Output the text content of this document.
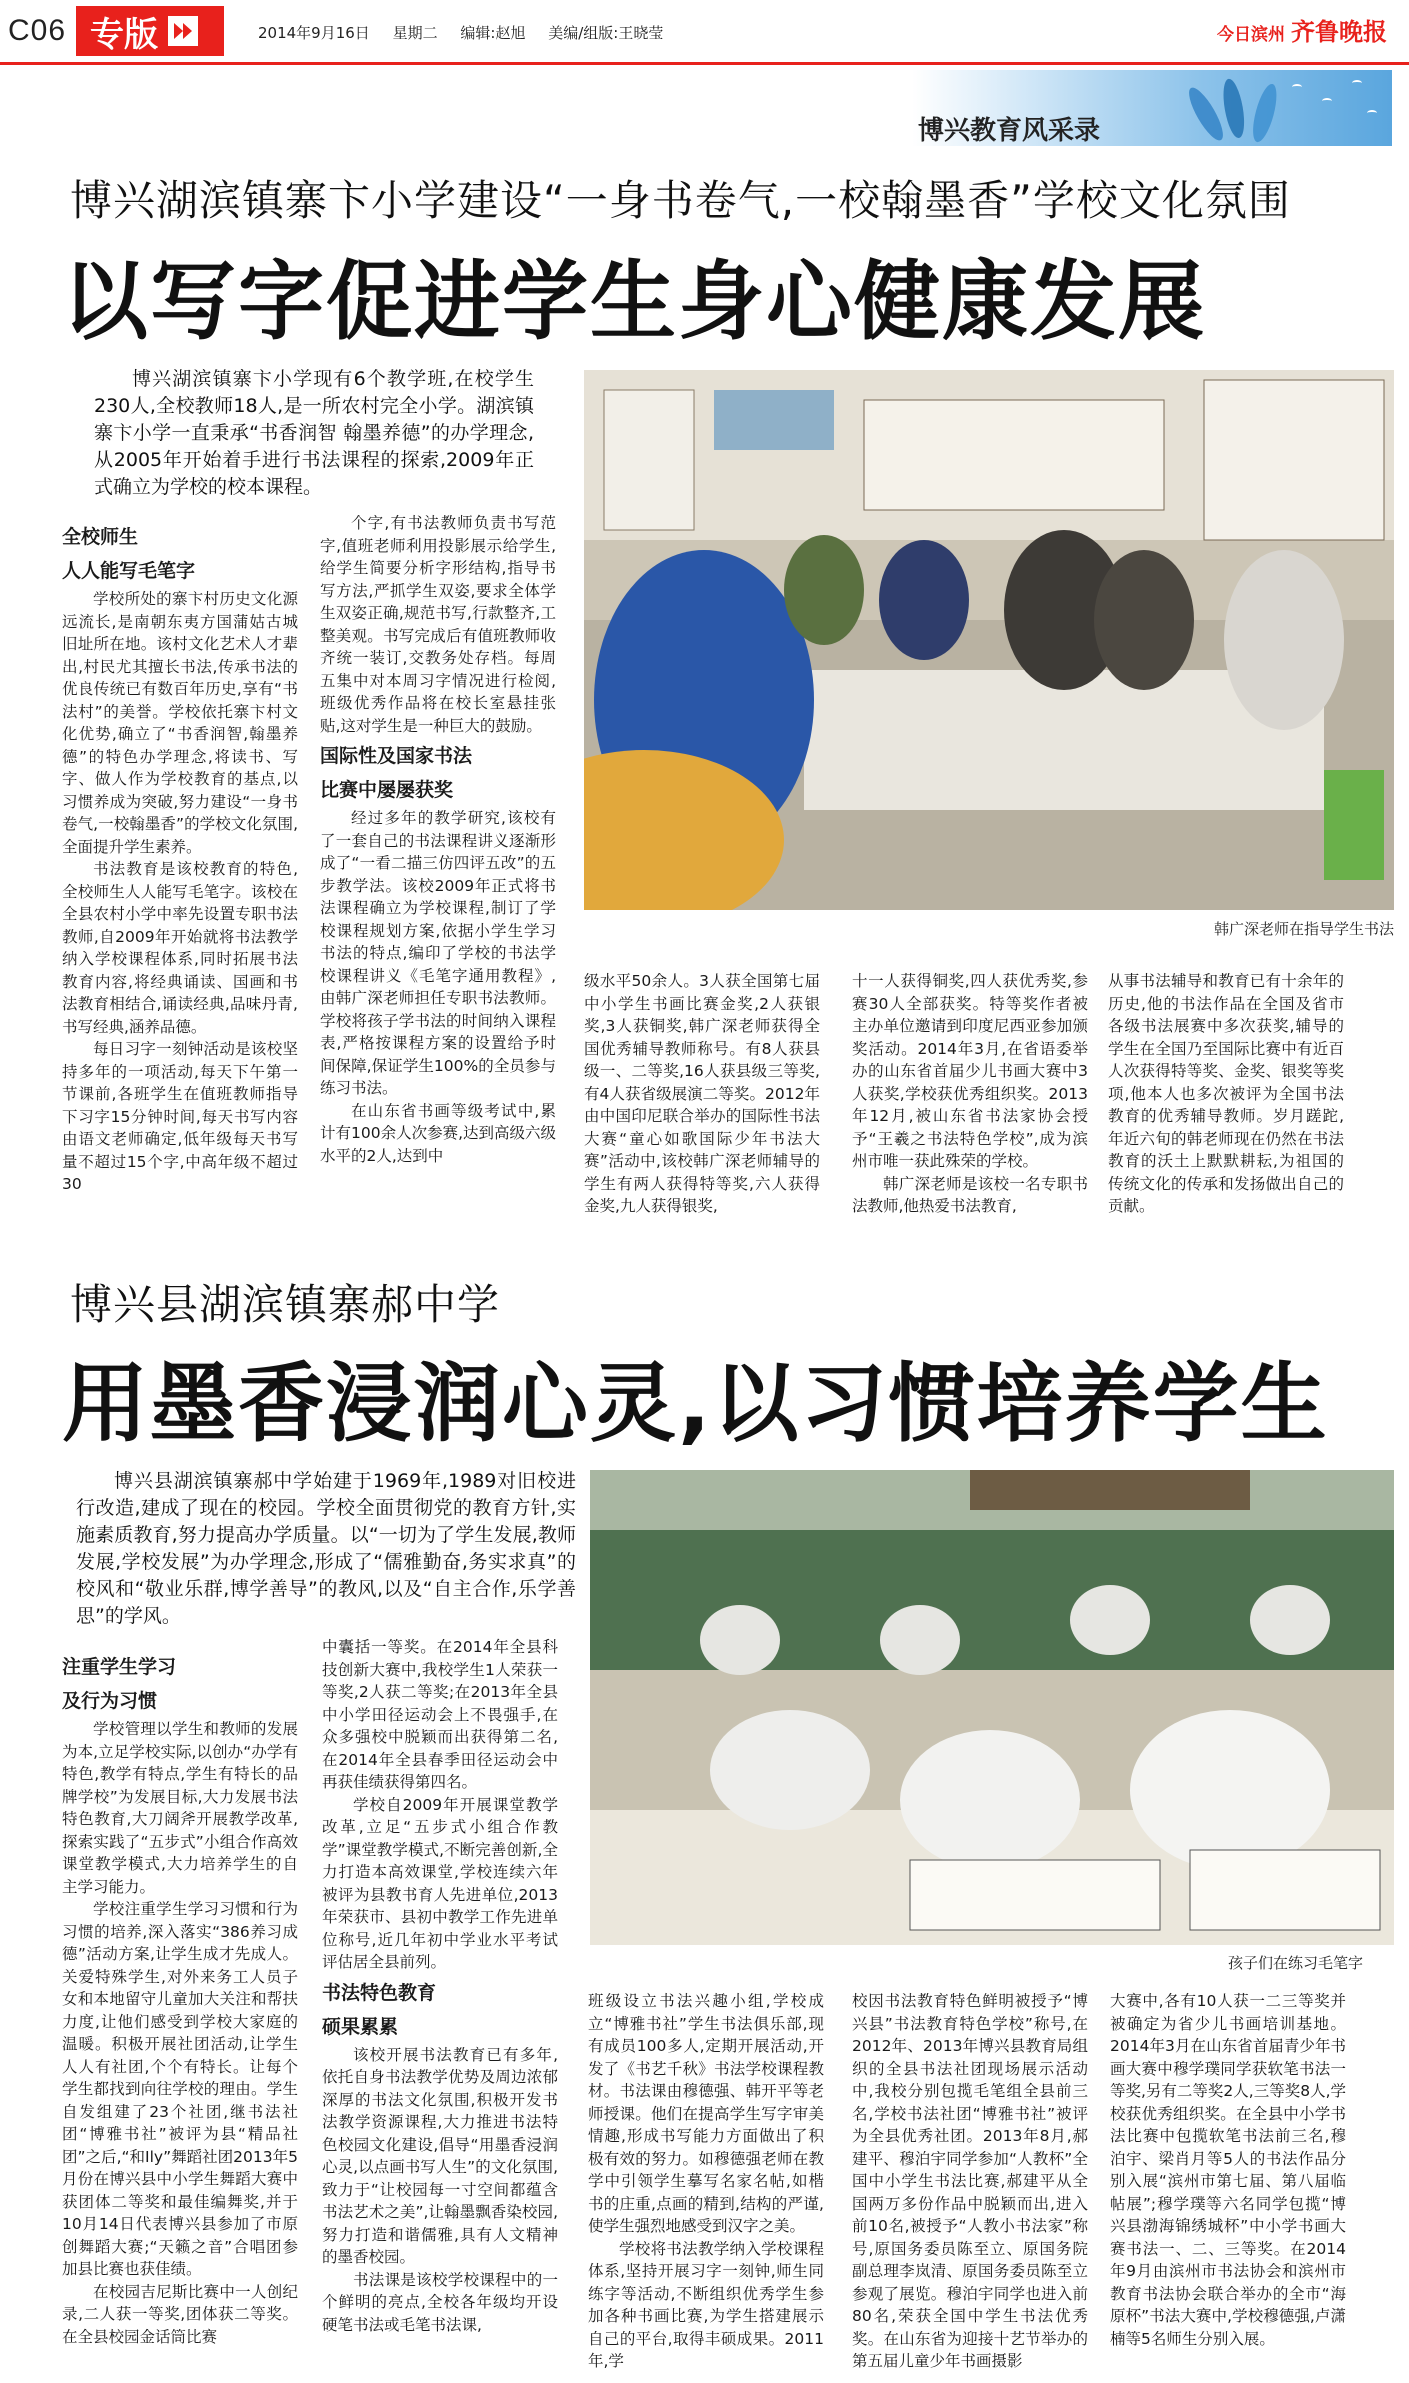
C06 专版	2014年9月16日 星期二 编辑:赵旭 美编/组版:王晓莹	今日滨州 齐鲁晚报
博兴教育风采录
博兴湖滨镇寨卞小学建设“一身书卷气,一校翰墨香”学校文化氛围
以写字促进学生身心健康发展

博兴湖滨镇寨卞小学现有6个教学班,在校学生230人,全校教师18人,是一所农村完全小学。湖滨镇寨卞小学一直秉承“书香润智 翰墨养德”的办学理念,从2005年开始着手进行书法课程的探索,2009年正式确立为学校的校本课程。

韩广深老师在指导学生书法
全校师生
人人能写毛笔字

学校所处的寨卞村历史文化源远流长,是南朝东夷方国蒲姑古城旧址所在地。该村文化艺术人才辈出,村民尤其擅长书法,传承书法的优良传统已有数百年历史,享有“书法村”的美誉。学校依托寨卞村文化优势,确立了“书香润智,翰墨养德”的特色办学理念,将读书、写字、做人作为学校教育的基点,以习惯养成为突破,努力建设“一身书卷气,一校翰墨香”的学校文化氛围,全面提升学生素养。

书法教育是该校教育的特色,全校师生人人能写毛笔字。该校在全县农村小学中率先设置专职书法教师,自2009年开始就将书法教学纳入学校课程体系,同时拓展书法教育内容,将经典诵读、国画和书法教育相结合,诵读经典,品味丹青,书写经典,涵养品德。

每日习字一刻钟活动是该校坚持多年的一项活动,每天下午第一节课前,各班学生在值班教师指导下习字15分钟时间,每天书写内容由语文老师确定,低年级每天书写量不超过15个字,中高年级不超过30

个字,有书法教师负责书写范字,值班老师利用投影展示给学生,给学生简要分析字形结构,指导书写方法,严抓学生双姿,要求全体学生双姿正确,规范书写,行款整齐,工整美观。书写完成后有值班教师收齐统一装订,交教务处存档。每周五集中对本周习字情况进行检阅,班级优秀作品将在校长室悬挂张贴,这对学生是一种巨大的鼓励。

国际性及国家书法
比赛中屡屡获奖

经过多年的教学研究,该校有了一套自己的书法课程讲义逐渐形成了“一看二描三仿四评五改”的五步教学法。该校2009年正式将书法课程确立为学校课程,制订了学校课程规划方案,依据小学生学习书法的特点,编印了学校的书法学校课程讲义《毛笔字通用教程》,由韩广深老师担任专职书法教师。学校将孩子学书法的时间纳入课程表,严格按课程方案的设置给予时间保障,保证学生100%的全员参与练习书法。

在山东省书画等级考试中,累计有100余人次参赛,达到高级六级水平的2人,达到中

级水平50余人。3人获全国第七届中小学生书画比赛金奖,2人获银奖,3人获铜奖,韩广深老师获得全国优秀辅导教师称号。有8人获县级一、二等奖,16人获县级三等奖,有4人获省级展演二等奖。2012年由中国印尼联合举办的国际性书法大赛“童心如歌国际少年书法大赛”活动中,该校韩广深老师辅导的学生有两人获得特等奖,六人获得金奖,九人获得银奖,

十一人获得铜奖,四人获优秀奖,参赛30人全部获奖。特等奖作者被主办单位邀请到印度尼西亚参加颁奖活动。2014年3月,在省语委举办的山东省首届少儿书画大赛中3人获奖,学校获优秀组织奖。2013年12月,被山东省书法家协会授予“王羲之书法特色学校”,成为滨州市唯一获此殊荣的学校。

韩广深老师是该校一名专职书法教师,他热爱书法教育,

从事书法辅导和教育已有十余年的历史,他的书法作品在全国及省市各级书法展赛中多次获奖,辅导的学生在全国乃至国际比赛中有近百人次获得特等奖、金奖、银奖等奖项,他本人也多次被评为全国书法教育的优秀辅导教师。岁月蹉跎,年近六旬的韩老师现在仍然在书法教育的沃土上默默耕耘,为祖国的传统文化的传承和发扬做出自己的贡献。

博兴县湖滨镇寨郝中学
用墨香浸润心灵,以习惯培养学生

博兴县湖滨镇寨郝中学始建于1969年,1989对旧校进行改造,建成了现在的校园。学校全面贯彻党的教育方针,实施素质教育,努力提高办学质量。以“一切为了学生发展,教师发展,学校发展”为办学理念,形成了“儒雅勤奋,务实求真”的校风和“敬业乐群,博学善导”的教风,以及“自主合作,乐学善思”的学风。

孩子们在练习毛笔字
注重学生学习
及行为习惯

学校管理以学生和教师的发展为本,立足学校实际,以创办“办学有特色,教学有特点,学生有特长的品牌学校”为发展目标,大力发展书法特色教育,大刀阔斧开展教学改革,探索实践了“五步式”小组合作高效课堂教学模式,大力培养学生的自主学习能力。

学校注重学生学习习惯和行为习惯的培养,深入落实“386养习成德”活动方案,让学生成才先成人。关爱特殊学生,对外来务工人员子女和本地留守儿童加大关注和帮扶力度,让他们感受到学校大家庭的温暖。积极开展社团活动,让学生人人有社团,个个有特长。让每个学生都找到向往学校的理由。学生自发组建了23个社团,继书法社团“博雅书社”被评为县“精品社团”之后,“和Ily”舞蹈社团2013年5月份在博兴县中小学生舞蹈大赛中获团体二等奖和最佳编舞奖,并于10月14日代表博兴县参加了市原创舞蹈大赛;“天籁之音”合唱团参加县比赛也获佳绩。

在校园吉尼斯比赛中一人创纪录,二人获一等奖,团体获二等奖。在全县校园金话筒比赛

中囊括一等奖。在2014年全县科技创新大赛中,我校学生1人荣获一等奖,2人获二等奖;在2013年全县中小学田径运动会上不畏强手,在众多强校中脱颖而出获得第二名,在2014年全县春季田径运动会中再获佳绩获得第四名。

学校自2009年开展课堂教学改革,立足“五步式小组合作教学”课堂教学模式,不断完善创新,全力打造本高效课堂,学校连续六年被评为县教书育人先进单位,2013年荣获市、县初中教学工作先进单位称号,近几年初中学业水平考试评估居全县前列。

书法特色教育
硕果累累

该校开展书法教育已有多年,依托自身书法教学优势及周边浓郁深厚的书法文化氛围,积极开发书法教学资源课程,大力推进书法特色校园文化建设,倡导“用墨香浸润心灵,以点画书写人生”的文化氛围,致力于“让校园每一寸空间都蕴含书法艺术之美”,让翰墨飘香染校园,努力打造和谐儒雅,具有人文精神的墨香校园。

书法课是该校学校课程中的一个鲜明的亮点,全校各年级均开设硬笔书法或毛笔书法课,

班级设立书法兴趣小组,学校成立“博雅书社”学生书法俱乐部,现有成员100多人,定期开展活动,开发了《书艺千秋》书法学校课程教材。书法课由穆德强、韩开平等老师授课。他们在提高学生写字审美情趣,形成书写能力方面做出了积极有效的努力。如穆德强老师在教学中引领学生摹写名家名帖,如楷书的庄重,点画的精到,结构的严谨,使学生强烈地感受到汉字之美。

学校将书法教学纳入学校课程体系,坚持开展习字一刻钟,师生同练字等活动,不断组织优秀学生参加各种书画比赛,为学生搭建展示自己的平台,取得丰硕成果。2011年,学

校因书法教育特色鲜明被授予“博兴县”书法教育特色学校”称号,在2012年、2013年博兴县教育局组织的全县书法社团现场展示活动中,我校分别包揽毛笔组全县前三名,学校书法社团“博雅书社”被评为全县优秀社团。2013年8月,郝建平、穆泊宇同学参加“人教杯”全国中小学生书法比赛,郝建平从全国两万多份作品中脱颖而出,进入前10名,被授予“人教小书法家”称号,原国务委员陈至立、原国务院副总理李岚清、原国务委员陈至立参观了展览。穆泊宇同学也进入前80名,荣获全国中学生书法优秀奖。在山东省为迎接十艺节举办的第五届儿童少年书画摄影

大赛中,各有10人获一二三等奖并被确定为省少儿书画培训基地。2014年3月在山东省首届青少年书画大赛中穆学璞同学获软笔书法一等奖,另有二等奖2人,三等奖8人,学校获优秀组织奖。在全县中小学书法比赛中包揽软笔书法前三名,穆泊宇、梁肖月等5人的书法作品分别入展“滨州市第七届、第八届临帖展”;穆学璞等六名同学包揽“博兴县渤海锦绣城杯”中小学书画大赛书法一、二、三等奖。在2014年9月由滨州市书法协会和滨州市教育书法协会联合举办的全市“海原杯”书法大赛中,学校穆德强,卢潇楠等5名师生分别入展。
